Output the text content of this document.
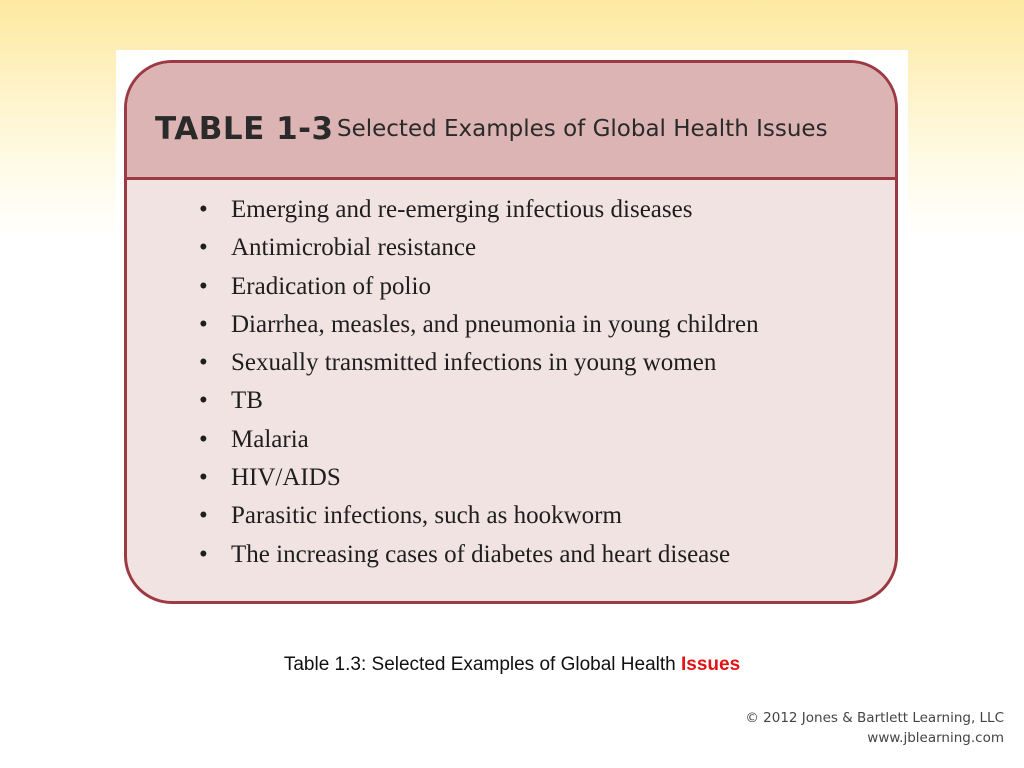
TABLE 1-3 Selected Examples of Global Health Issues
• Emerging and re-emerging infectious diseases
• Antimicrobial resistance
• Eradication of polio
• Diarrhea, measles, and pneumonia in young children
• Sexually transmitted infections in young women
• TB
• Malaria
• HIV/AIDS
• Parasitic infections, such as hookworm
• The increasing cases of diabetes and heart disease
Table 1.3: Selected Examples of Global Health Issues
© 2012 Jones & Bartlett Learning, LLC
www.jblearning.com
